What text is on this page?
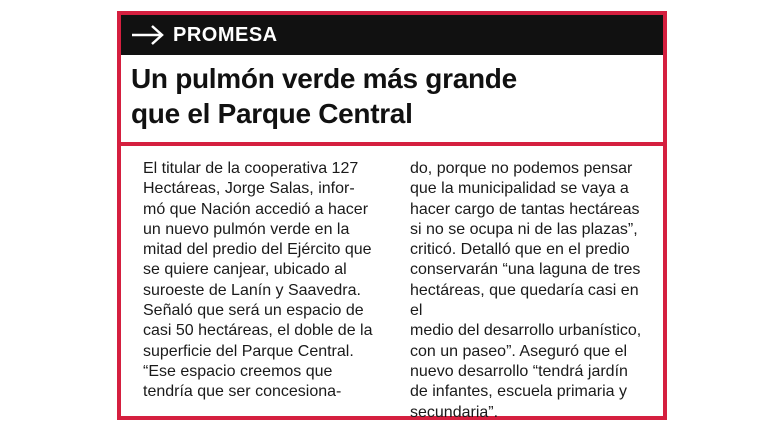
PROMESA
Un pulmón verde más grande
que el Parque Central

El titular de la cooperativa 127
Hectáreas, Jorge Salas, infor-
mó que Nación accedió a hacer
un nuevo pulmón verde en la
mitad del predio del Ejército que
se quiere canjear, ubicado al
suroeste de Lanín y Saavedra.
Señaló que será un espacio de
casi 50 hectáreas, el doble de la
superficie del Parque Central.
“Ese espacio creemos que
tendría que ser concesiona-

do, porque no podemos pensar
que la municipalidad se vaya a
hacer cargo de tantas hectáreas
si no se ocupa ni de las plazas”,
criticó. Detalló que en el predio
conservarán “una laguna de tres
hectáreas, que quedaría casi en el
medio del desarrollo urbanístico,
con un paseo”. Aseguró que el
nuevo desarrollo “tendrá jardín
de infantes, escuela primaria y
secundaria”.
